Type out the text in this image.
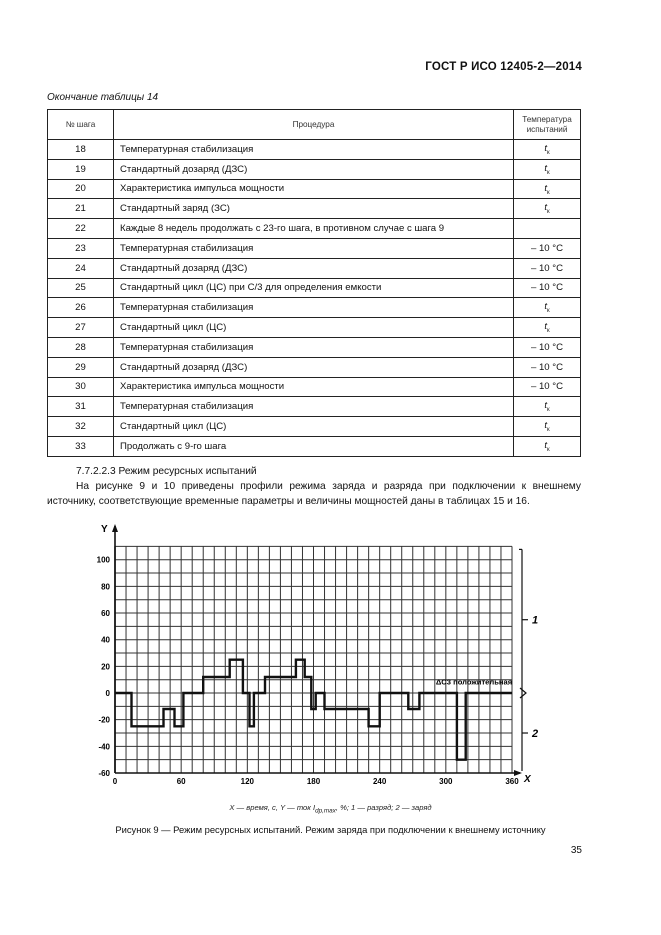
ГОСТ Р ИСО 12405-2—2014
Окончание таблицы 14
№ шага	Процедура	Температура испытаний
18	Температурная стабилизация	$t_к$
19	Стандартный дозаряд (ДЗС)	$t_к$
20	Характеристика импульса мощности	$t_к$
21	Стандартный заряд (ЗС)	$t_к$
22	Каждые 8 недель продолжать с 23-го шага, в противном случае с шага 9	
23	Температурная стабилизация	– 10 °С
24	Стандартный дозаряд (ДЗС)	– 10 °С
25	Стандартный цикл (ЦС) при С/3 для определения емкости	– 10 °С
26	Температурная стабилизация	$t_к$
27	Стандартный цикл (ЦС)	$t_к$
28	Температурная стабилизация	– 10 °С
29	Стандартный дозаряд (ДЗС)	– 10 °С
30	Характеристика импульса мощности	– 10 °С
31	Температурная стабилизация	$t_к$
32	Стандартный цикл (ЦС)	$t_к$
33	Продолжать с 9-го шага	$t_к$
7.7.2.2.3 Режим ресурсных испытаний
На рисунке 9 и 10 приведены профили режима заряда и разряда при подключении к внешнему источнику, соответствующие временные параметры и величины мощностей даны в таблицах 15 и 16.
100
80
60
40
20
0
-20
-40
-60
0	60	120	180	240	300	360
Y
X
ΔС3 положительная
1
2
X — время, с, Y — ток $I_{dp,max}$, %; 1 — разряд; 2 — заряд
Рисунок 9 — Режим ресурсных испытаний. Режим заряда при подключении к внешнему источнику
35
